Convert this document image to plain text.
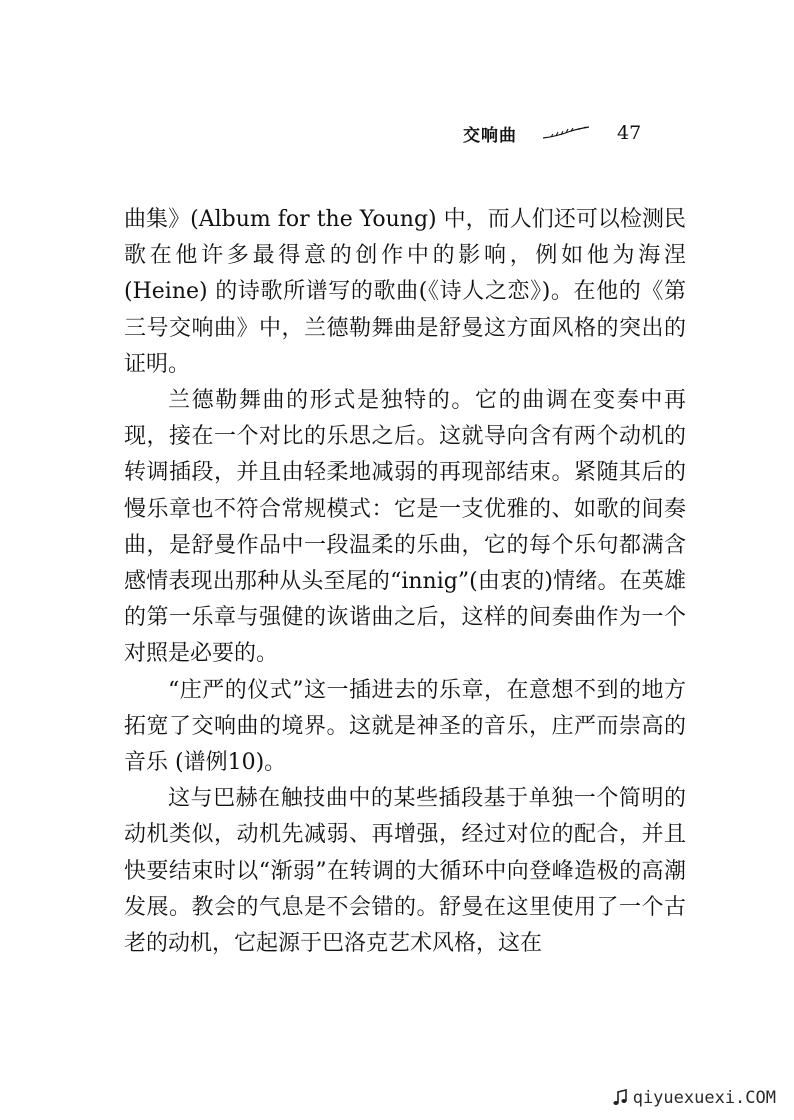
交响曲	47

曲集》(Album for the Young) 中，而人们还可以检测民歌在他许多最得意的创作中的影响，例如他为海涅(Heine) 的诗歌所谱写的歌曲(《诗人之恋》)。在他的《第三号交响曲》中，兰德勒舞曲是舒曼这方面风格的突出的证明。

兰德勒舞曲的形式是独特的。它的曲调在变奏中再现，接在一个对比的乐思之后。这就导向含有两个动机的转调插段，并且由轻柔地减弱的再现部结束。紧随其后的慢乐章也不符合常规模式：它是一支优雅的、如歌的间奏曲，是舒曼作品中一段温柔的乐曲，它的每个乐句都满含感情表现出那种从头至尾的“innig”(由衷的)情绪。在英雄的第一乐章与强健的诙谐曲之后，这样的间奏曲作为一个对照是必要的。

“庄严的仪式”这一插进去的乐章，在意想不到的地方拓宽了交响曲的境界。这就是神圣的音乐，庄严而崇高的音乐 (谱例10)。

这与巴赫在触技曲中的某些插段基于单独一个简明的动机类似，动机先减弱、再增强，经过对位的配合，并且快要结束时以“渐弱”在转调的大循环中向登峰造极的高潮发展。教会的气息是不会错的。舒曼在这里使用了一个古老的动机，它起源于巴洛克艺术风格，这在

qiyuexuexi.COM
